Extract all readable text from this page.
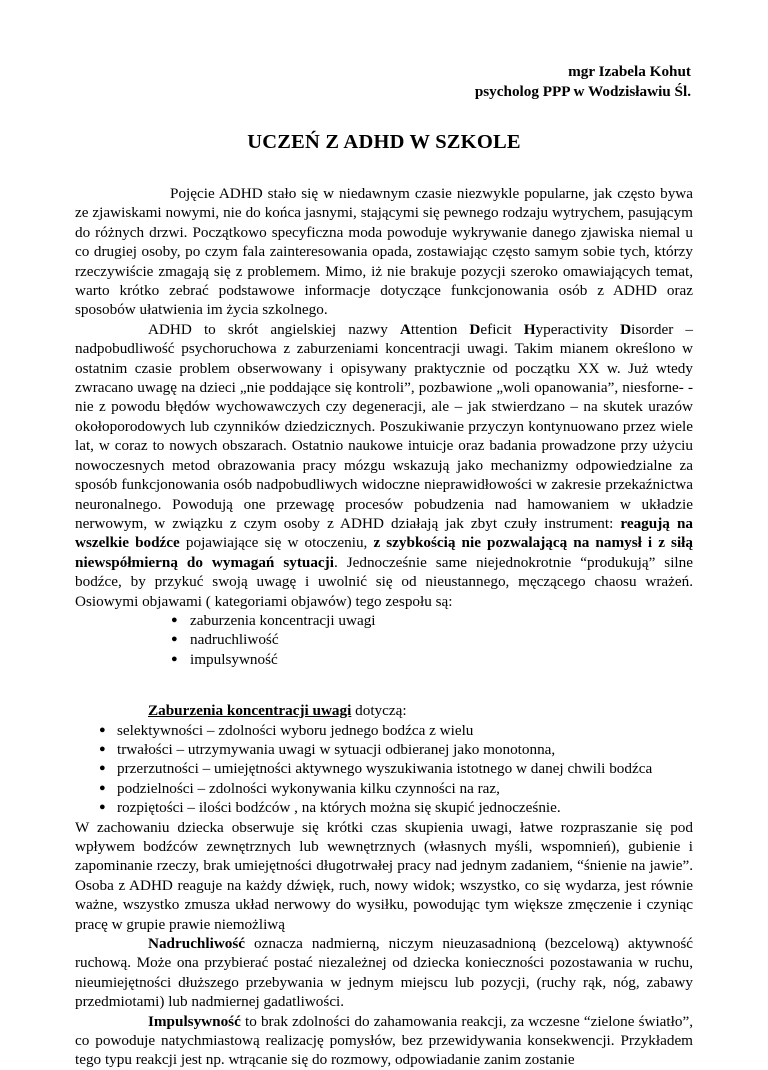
mgr Izabela Kohut
psycholog PPP w Wodzisławiu Śl.
UCZEŃ Z ADHD W SZKOLE

Pojęcie ADHD stało się w niedawnym czasie niezwykle popularne, jak często bywa ze zjawiskami nowymi, nie do końca jasnymi, stającymi się pewnego rodzaju wytrychem, pasującym do różnych drzwi. Początkowo specyficzna moda powoduje wykrywanie danego zjawiska niemal u co drugiej osoby, po czym fala zainteresowania opada, zostawiając często samym sobie tych, którzy rzeczywiście zmagają się z problemem. Mimo, iż nie brakuje pozycji szeroko omawiających temat, warto krótko zebrać podstawowe informacje dotyczące funkcjonowania osób z ADHD oraz sposobów ułatwienia im życia szkolnego.

ADHD to skrót angielskiej nazwy Attention Deficit Hyperactivity Disorder – nadpobudliwość psychoruchowa z zaburzeniami koncentracji uwagi. Takim mianem określono w ostatnim czasie problem obserwowany i opisywany praktycznie od początku XX w. Już wtedy zwracano uwagę na dzieci „nie poddające się kontroli”, pozbawione „woli opanowania”, niesforne- - nie z powodu błędów wychowawczych czy degeneracji, ale – jak stwierdzano – na skutek urazów okołoporodowych lub czynników dziedzicznych. Poszukiwanie przyczyn kontynuowano przez wiele lat, w coraz to nowych obszarach. Ostatnio naukowe intuicje oraz badania prowadzone przy użyciu nowoczesnych metod obrazowania pracy mózgu wskazują jako mechanizmy odpowiedzialne za sposób funkcjonowania osób nadpobudliwych widoczne nieprawidłowości w zakresie przekaźnictwa neuronalnego. Powodują one przewagę procesów pobudzenia nad hamowaniem w układzie nerwowym, w związku z czym osoby z ADHD działają jak zbyt czuły instrument: reagują na wszelkie bodźce pojawiające się w otoczeniu, z szybkością nie pozwalającą na namysł i z siłą niewspółmierną do wymagań sytuacji. Jednocześnie same niejednokrotnie “produkują” silne bodźce, by przykuć swoją uwagę i uwolnić się od nieustannego, męczącego chaosu wrażeń. Osiowymi objawami ( kategoriami objawów) tego zespołu są:

● zaburzenia koncentracji uwagi
● nadruchliwość
● impulsywność

Zaburzenia koncentracji uwagi dotyczą:

● selektywności – zdolności wyboru jednego bodźca z wielu
● trwałości – utrzymywania uwagi w sytuacji odbieranej jako monotonna,
● przerzutności – umiejętności aktywnego wyszukiwania istotnego w danej chwili bodźca
● podzielności – zdolności wykonywania kilku czynności na raz,
● rozpiętości – ilości bodźców , na których można się skupić jednocześnie.

W zachowaniu dziecka obserwuje się krótki czas skupienia uwagi, łatwe rozpraszanie się pod wpływem bodźców zewnętrznych lub wewnętrznych (własnych myśli, wspomnień), gubienie i zapominanie rzeczy, brak umiejętności długotrwałej pracy nad jednym zadaniem, “śnienie na jawie”. Osoba z ADHD reaguje na każdy dźwięk, ruch, nowy widok; wszystko, co się wydarza, jest równie ważne, wszystko zmusza układ nerwowy do wysiłku, powodując tym większe zmęczenie i czyniąc pracę w grupie prawie niemożliwą

Nadruchliwość oznacza nadmierną, niczym nieuzasadnioną (bezcelową) aktywność ruchową. Może ona przybierać postać niezależnej od dziecka konieczności pozostawania w ruchu, nieumiejętności dłuższego przebywania w jednym miejscu lub pozycji, (ruchy rąk, nóg, zabawy przedmiotami) lub nadmiernej gadatliwości.

Impulsywność to brak zdolności do zahamowania reakcji, za wczesne “zielone światło”, co powoduje natychmiastową realizację pomysłów, bez przewidywania konsekwencji. Przykładem tego typu reakcji jest np. wtrącanie się do rozmowy, odpowiadanie zanim zostanie
